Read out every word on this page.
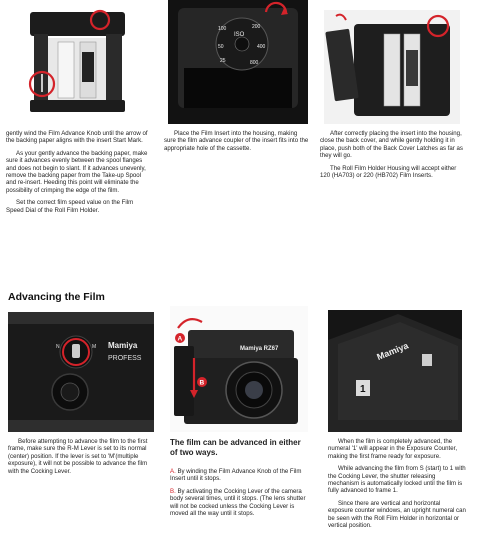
ISO
100	200
400
800
25
50

gently wind the Film Advance Knob until the arrow of the backing paper aligns with the insert Start Mark.

As your gently advance the backing paper, make sure it advances evenly between the spool flanges and does not begin to slant. If it advances unevenly, remove the backing paper from the Take-up Spool and re-insert. Heeding this point will eliminate the possibility of crimping the edge of the film.

Set the correct film speed value on the Film Speed Dial of the Roll Film Holder.

Place the Film Insert into the housing, making sure the film advance coupler of the insert fits into the appropriate hole of the cassette.

After correctly placing the insert into the housing, close the back cover, and while gently holding it in place, push both of the Back Cover Latches as far as they will go.

The Roll Film Holder Housing will accept either 120 (HA703) or 220 (HB702) Film Inserts.

Advancing the Film
N	M Mamiya
PROFESS
Mamiya RZ67
A
B
Mamiya
1

Before attempting to advance the film to the first frame, make sure the R-M Lever is set to its normal (center) position. If the lever is set to 'M'(multiple exposure), it will not be possible to advance the film with the Cocking Lever.

The film can be advanced in either of two ways.

A. By winding the Film Advance Knob of the Film Insert until it stops.

B. By activating the Cocking Lever of the camera body several times, until it stops. (The lens shutter will not be cocked unless the Cocking Lever is moved all the way until it stops.

When the film is completely advanced, the numeral '1' will appear in the Exposure Counter, making the first frame ready for exposure.

While advancing the film from S (start) to 1 with the Cocking Lever, the shutter releasing mechanism is automatically locked until the film is fully advanced to frame 1.

Since there are vertical and horizontal exposure counter windows, an upright numeral can be seen with the Roll Film Holder in horizontal or vertical position.
